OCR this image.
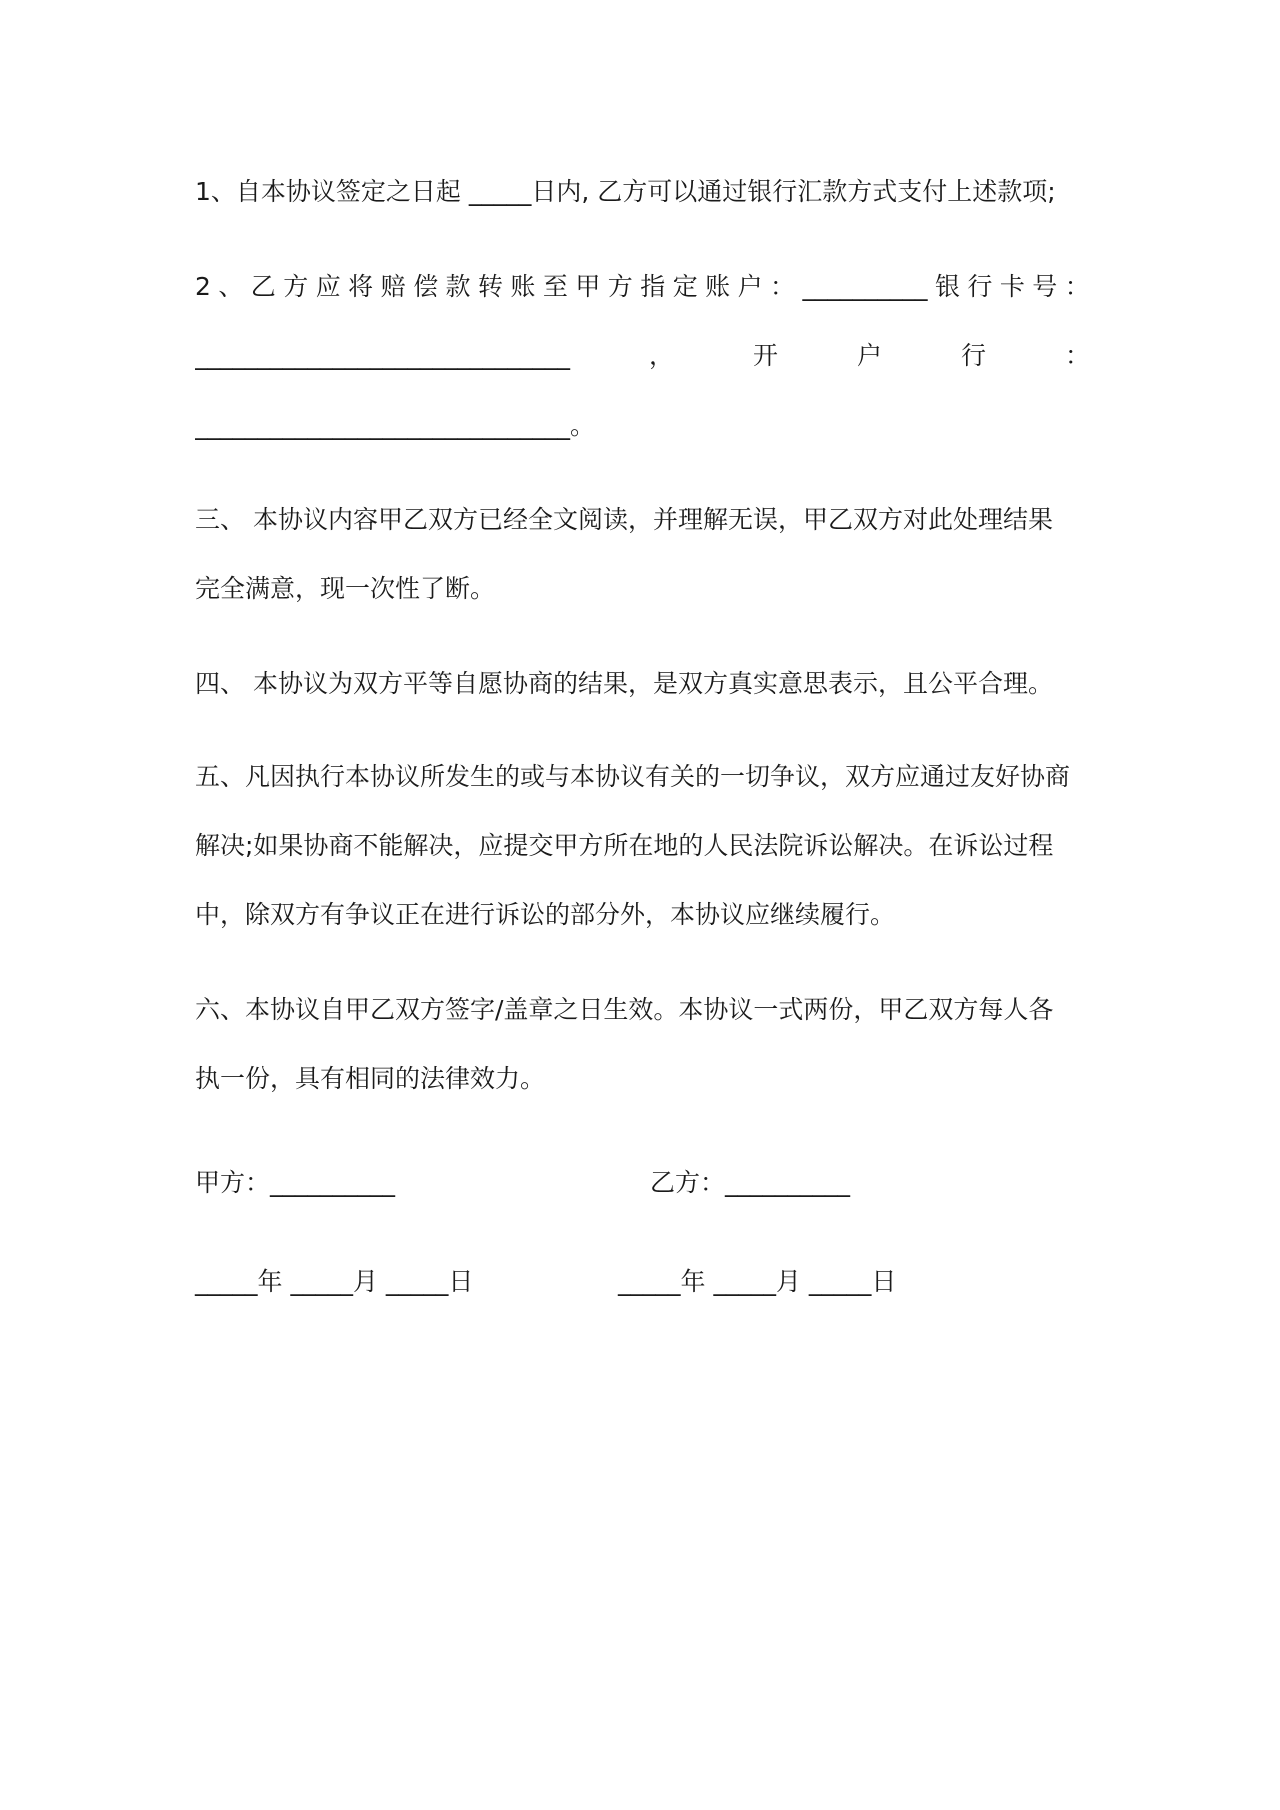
1、自本协议签定之日起 _____日内, 乙方可以通过银行汇款方式支付上述款项;
2 、 乙 方 应 将 赔 偿 款 转 账 至 甲 方 指 定 账 户 ： __________ 银 行 卡 号 ：
______________________________	，	开	户	行	：
______________________________。
三、 本协议内容甲乙双方已经全文阅读，并理解无误，甲乙双方对此处理结果
完全满意，现一次性了断。
四、 本协议为双方平等自愿协商的结果，是双方真实意思表示，且公平合理。
五、凡因执行本协议所发生的或与本协议有关的一切争议，双方应通过友好协商
解决;如果协商不能解决，应提交甲方所在地的人民法院诉讼解决。在诉讼过程
中，除双方有争议正在进行诉讼的部分外，本协议应继续履行。
六、本协议自甲乙双方签字/盖章之日生效。本协议一式两份，甲乙双方每人各
执一份，具有相同的法律效力。
甲方：__________	乙方：__________
_____年 _____月 _____日	_____年 _____月 _____日
